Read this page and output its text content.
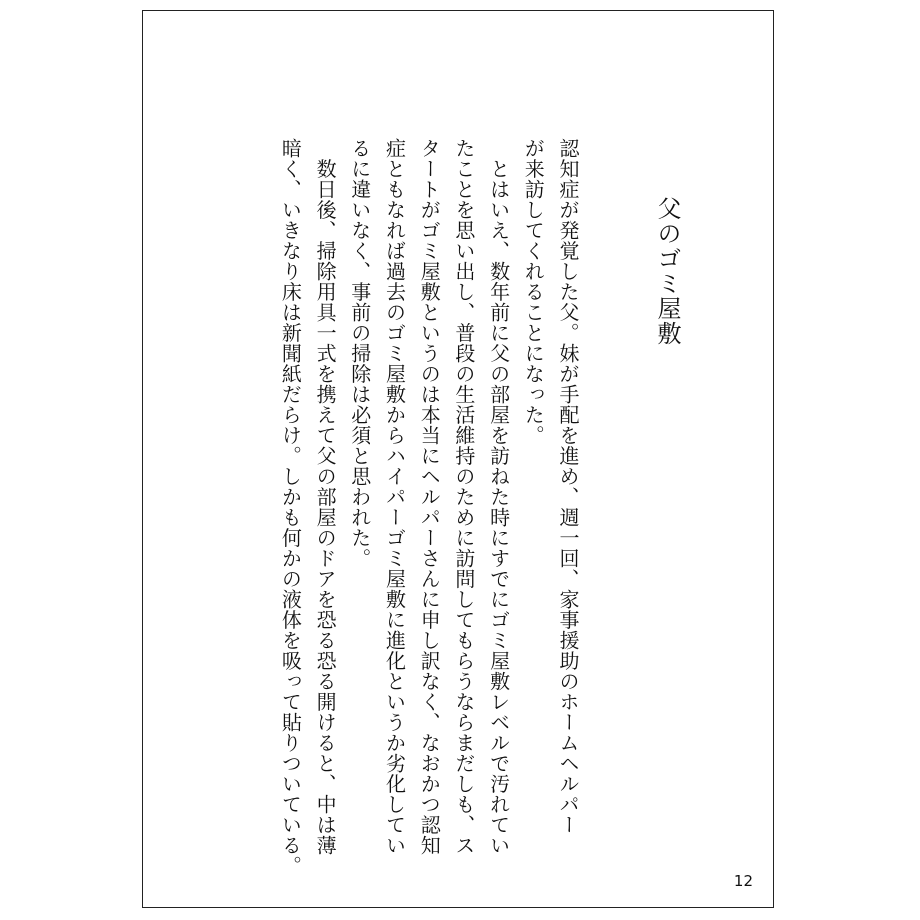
父のゴミ屋敷
認知症が発覚した父。妹が手配を進め、週一回、家事援助のホームヘルパー
が来訪してくれることになった。
　とはいえ、数年前に父の部屋を訪ねた時にすでにゴミ屋敷レベルで汚れてい
たことを思い出し、普段の生活維持のために訪問してもらうならまだしも、ス
タートがゴミ屋敷というのは本当にヘルパーさんに申し訳なく、なおかつ認知
症ともなれば過去のゴミ屋敷からハイパーゴミ屋敷に進化というか劣化してい
るに違いなく、事前の掃除は必須と思われた。
　数日後、掃除用具一式を携えて父の部屋のドアを恐る恐る開けると、中は薄
暗く、いきなり床は新聞紙だらけ。しかも何かの液体を吸って貼りついている。
12
